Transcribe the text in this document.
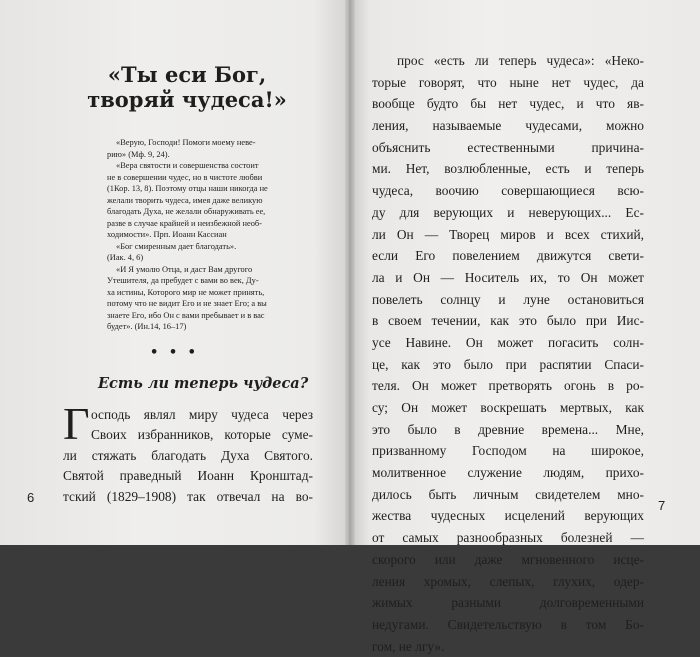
«Ты еси Бог,
творяй чудеса!»

«Верую, Господи! Помоги моему неве-

рию» (Мф. 9, 24).

«Вера святости и совершенства состоит

не в совершении чудес, но в чистоте любви

(1Кор. 13, 8). Поэтому отцы наши никогда не

желали творить чудеса, имея даже великую

благодать Духа, не желали обнаруживать ее,

разве в случае крайней и неизбежной необ-

ходимости». Прп. Иоанн Кассиан

«Бог смиренным дает благодать».

(Иак. 4, 6)

«И Я умолю Отца, и даст Вам другого

Утешителя, да пребудет с вами во век, Ду-

ха истины, Которого мир не может принять,

потому что не видит Его и не знает Его; а вы

знаете Его, ибо Он с вами пребывает и в вас

будет». (Ин.14, 16–17)

• • •
Есть ли теперь чудеса?
Г осподь являл миру чудеса через
Своих избранников, которые суме-
ли стяжать благодать Духа Святого.
Святой праведный Иоанн Кронштад-
тский (1829–1908) так отвечал на во-
6
7
прос «есть ли теперь чудеса»: «Неко-
торые говорят, что ныне нет чудес, да
вообще будто бы нет чудес, и что яв-
ления, называемые чудесами, можно
объяснить естественными причина-
ми. Нет, возлюбленные, есть и теперь
чудеса, воочию совершающиеся всю-
ду для верующих и неверующих... Ес-
ли Он — Творец миров и всех стихий,
если Его повелением движутся свети-
ла и Он — Носитель их, то Он может
повелеть солнцу и луне остановиться
в своем течении, как это было при Иис-
усе Навине. Он может погасить солн-
це, как это было при распятии Спаси-
теля. Он может претворять огонь в ро-
су; Он может воскрешать мертвых, как
это было в древние времена... Мне,
призванному Господом на широкое,
молитвенное служение людям, прихо-
дилось быть личным свидетелем мно-
жества чудесных исцелений верующих
от самых разнообразных болезней —
скорого или даже мгновенного исце-
ления хромых, слепых, глухих, одер-
жимых разными долговременными
недугами. Свидетельствую в том Бо-
гом, не лгу».
